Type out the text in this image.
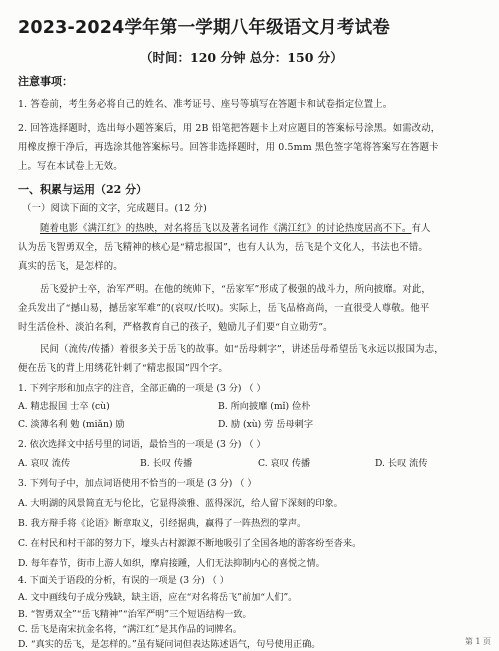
2023-2024学年第一学期八年级语文月考试卷
（时间：120 分钟 总分：150 分）
注意事项：
1. 答卷前，考生务必将自己的姓名、准考证号、座号等填写在答题卡和试卷指定位置上。
2. 回答选择题时，选出每小题答案后，用 2B 铅笔把答题卡上对应题目的答案标号涂黑。如需改动，
用橡皮擦干净后，再选涂其他答案标号。回答非选择题时，用 0.5mm 黑色签字笔将答案写在答题卡
上。写在本试卷上无效。
一、积累与运用（22 分）
（一）阅读下面的文字，完成题目。(12 分)
随着电影《满江红》的热映，对名将岳飞以及著名词作《满江红》的讨论热度居高不下。有人
认为岳飞智勇双全，岳飞精神的核心是“精忠报国”，也有人认为，岳飞是个文化人，书法也不错。
真实的岳飞，是怎样的。
岳飞爱护士卒，治军严明。在他的统帅下，“岳家军”形成了极强的战斗力，所向披靡。对此，
金兵发出了“撼山易，撼岳家军难”的(哀叹/长叹)。实际上，岳飞品格高尚，一直很受人尊敬。他平
时生活俭朴、淡泊名利，严格教育自己的孩子，勉励儿子们要“自立勋劳”。
民间（流传/传播）着很多关于岳飞的故事。如“岳母刺字”，讲述岳母希望岳飞永远以报国为志，
便在岳飞的背上用绣花针刺了“精忠报国”四个字。
1. 下列字形和加点字的注音，全部正确的一项是 (3 分) （ ）
A. 精忠报国 士卒 (cù)	B. 所向披靡 (mǐ) 俭朴
C. 淡薄名利 勉 (miǎn) 励	D. 励 (xù) 劳 岳母刺字
2. 依次选择文中括号里的词语，最恰当的一项是 (3 分) （ ）
A. 哀叹 流传	B. 长叹 传播	C. 哀叹 传播	D. 长叹 流传
3. 下列句子中，加点词语使用不恰当的一项是 (3 分) （ ）
A. 大明湖的风景简直无与伦比，它显得淡雅、蓝得深沉，给人留下深刻的印象。
B. 我方辩手将《论语》断章取义，引经据典，赢得了一阵热烈的掌声。
C. 在村民和村干部的努力下，壕头古村源源不断地吸引了全国各地的游客纷至沓来。
D. 每年春节，街市上游人如织，摩肩接踵，人们无法抑制内心的喜悦之情。
4. 下面关于语段的分析，有误的一项是 (3 分) （ ）
A. 文中画线句子成分残缺，缺主语，应在“对名将岳飞”前加“人们”。
B. “智勇双全”“岳飞精神”“治军严明”三个短语结构一致。
C. 岳飞是南宋抗金名将，“满江红”是其作品的词牌名。
D. “真实的岳飞，是怎样的。”虽有疑问词但表达陈述语气，句号使用正确。	第 1 页
